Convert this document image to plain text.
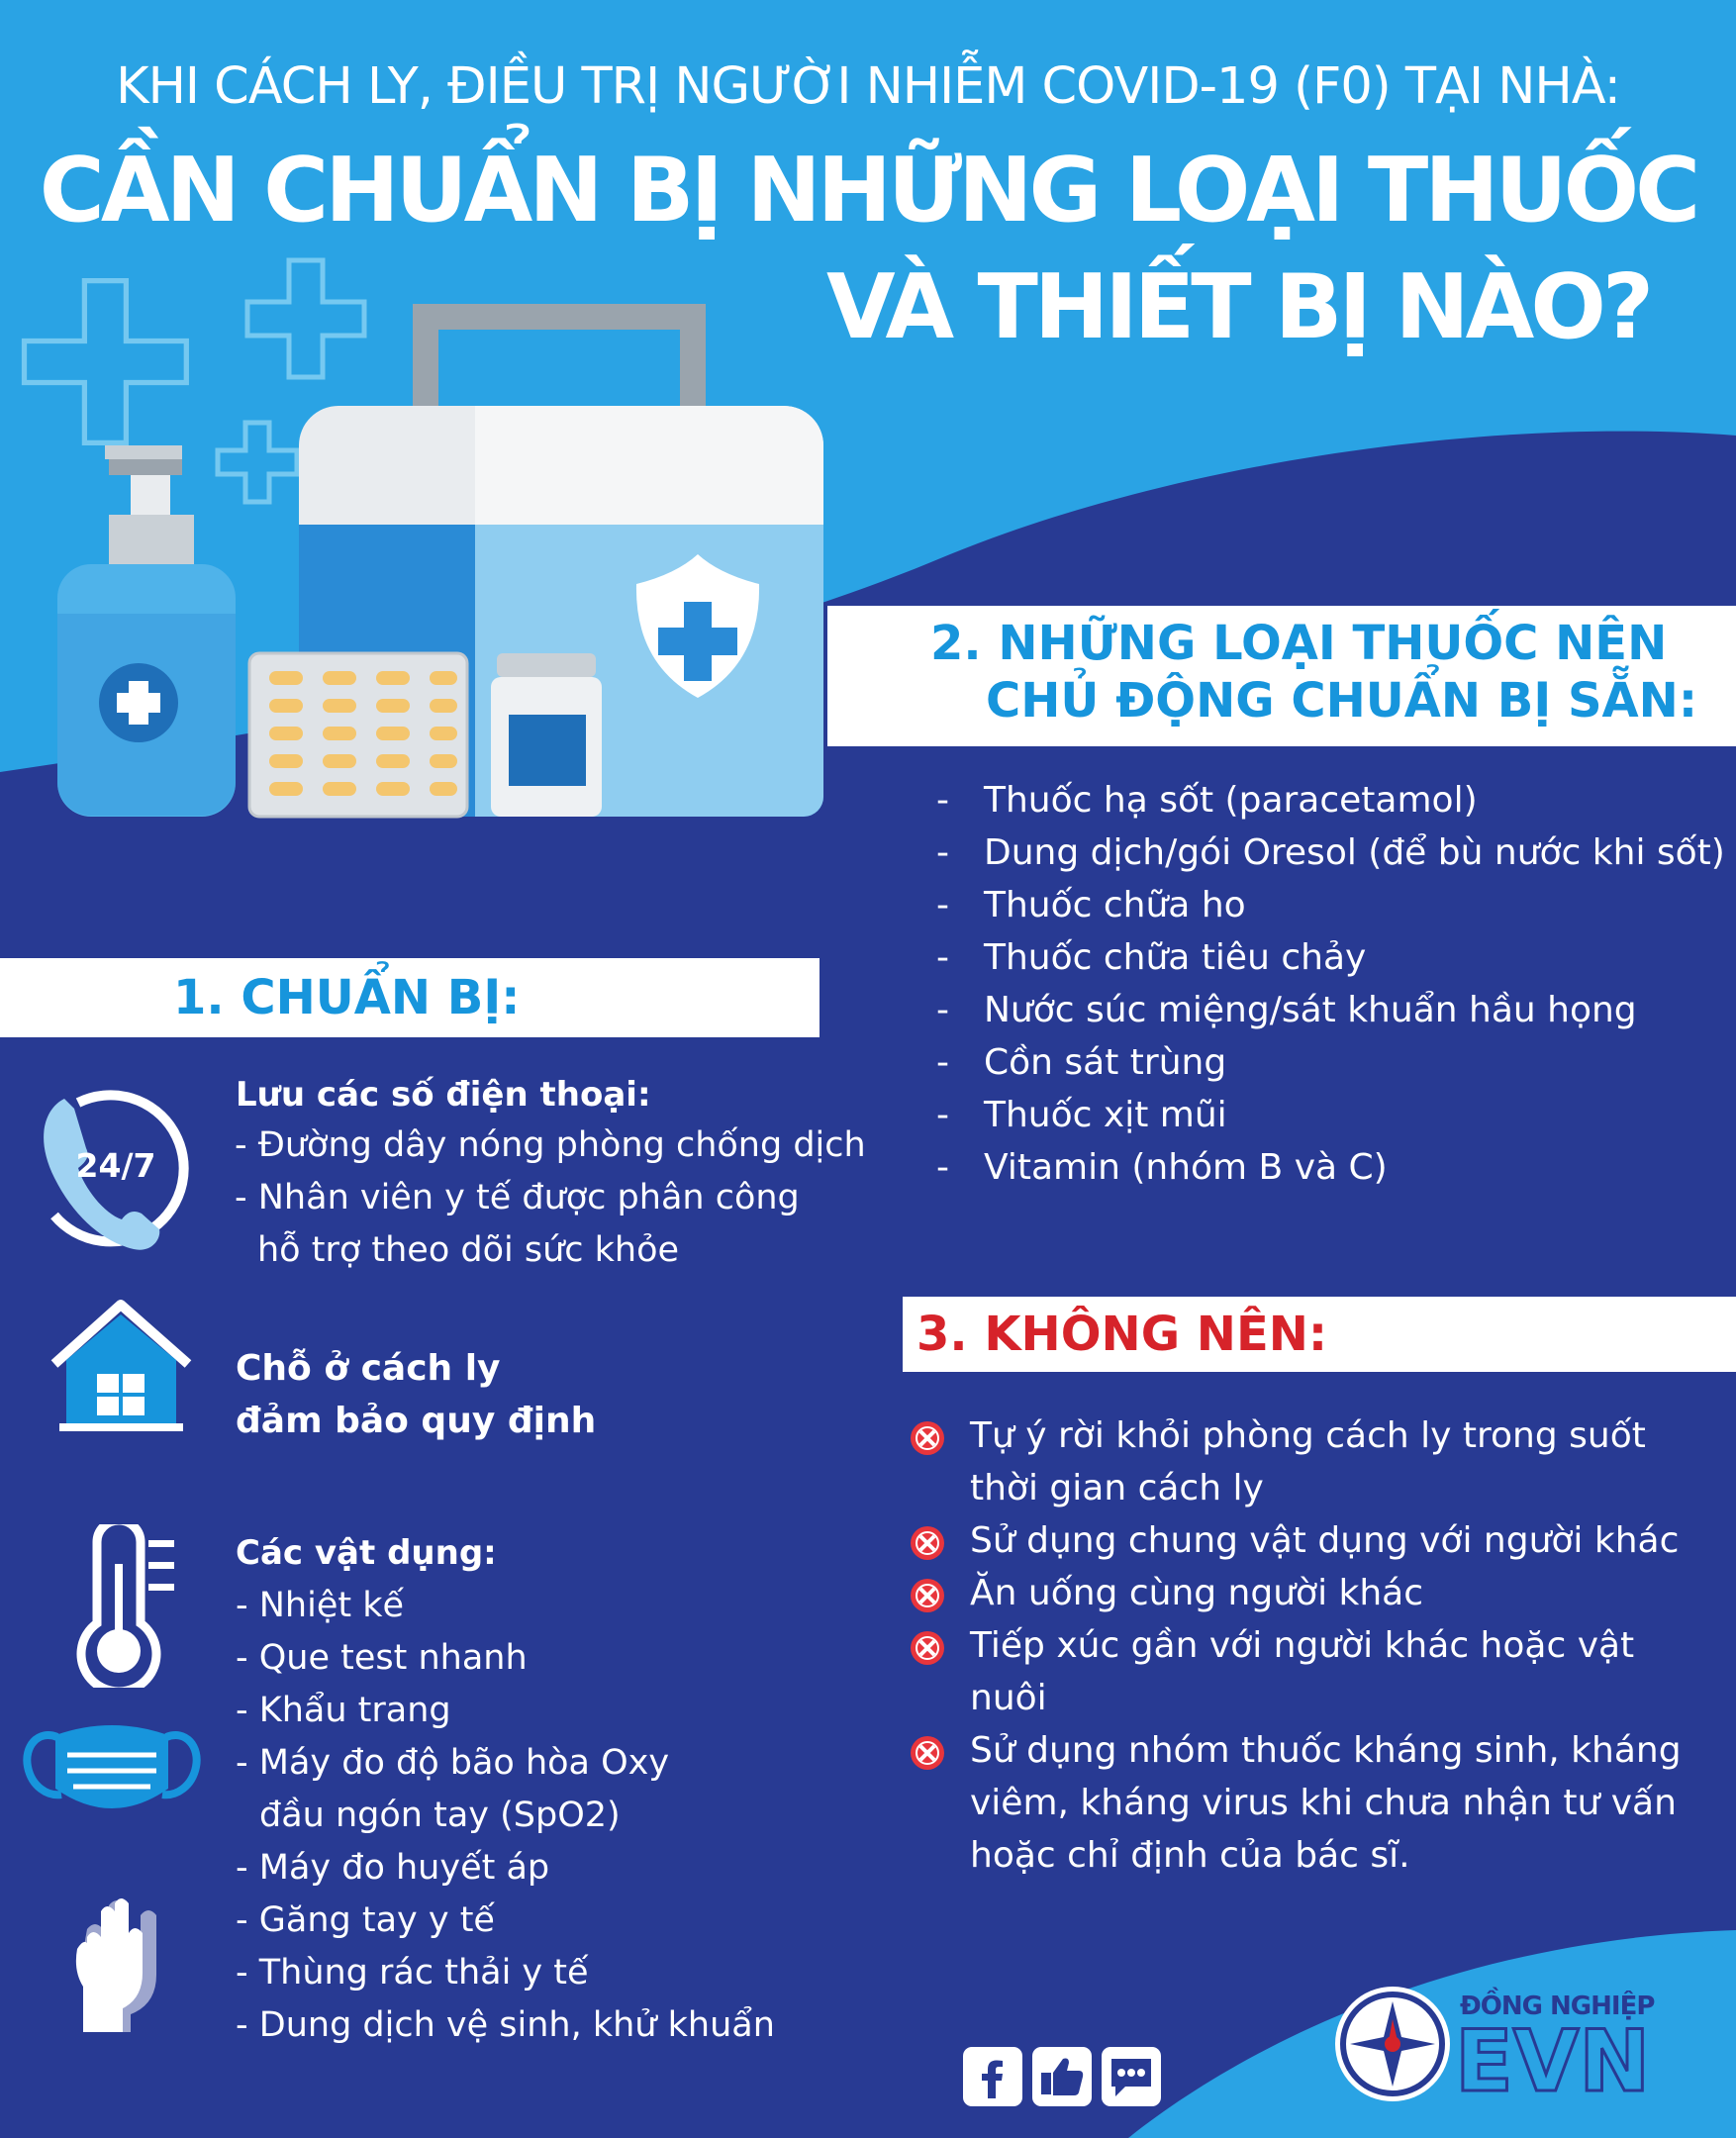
KHI CÁCH LY, ĐIỀU TRỊ NGƯỜI NHIỄM COVID-19 (F0) TẠI NHÀ:
CẦN CHUẨN BỊ NHỮNG LOẠI THUỐC
VÀ THIẾT BỊ NÀO?
1. CHUẨN BỊ:
24/7
Lưu các số điện thoại:
- Đường dây nóng phòng chống dịch
- Nhân viên y tế được phân công
hỗ trợ theo dõi sức khỏe
Chỗ ở cách ly
đảm bảo quy định
Các vật dụng:
- Nhiệt kế
- Que test nhanh
- Khẩu trang
- Máy đo độ bão hòa Oxy
đầu ngón tay (SpO2)
- Máy đo huyết áp
- Găng tay y tế
- Thùng rác thải y tế
- Dung dịch vệ sinh, khử khuẩn
2. NHỮNG LOẠI THUỐC NÊN
CHỦ ĐỘNG CHUẨN BỊ SẴN:
- Thuốc hạ sốt (paracetamol)
- Dung dịch/gói Oresol (để bù nước khi sốt)
- Thuốc chữa ho
- Thuốc chữa tiêu chảy
- Nước súc miệng/sát khuẩn hầu họng
- Cồn sát trùng
- Thuốc xịt mũi
- Vitamin (nhóm B và C)
3. KHÔNG NÊN:
Tự ý rời khỏi phòng cách ly trong suốt thời gian cách ly
Sử dụng chung vật dụng với người khác
Ăn uống cùng người khác
Tiếp xúc gần với người khác hoặc vật nuôi
Sử dụng nhóm thuốc kháng sinh, kháng viêm, kháng virus khi chưa nhận tư vấn hoặc chỉ định của bác sĩ.
ĐỒNG NGHIỆP
EVN
